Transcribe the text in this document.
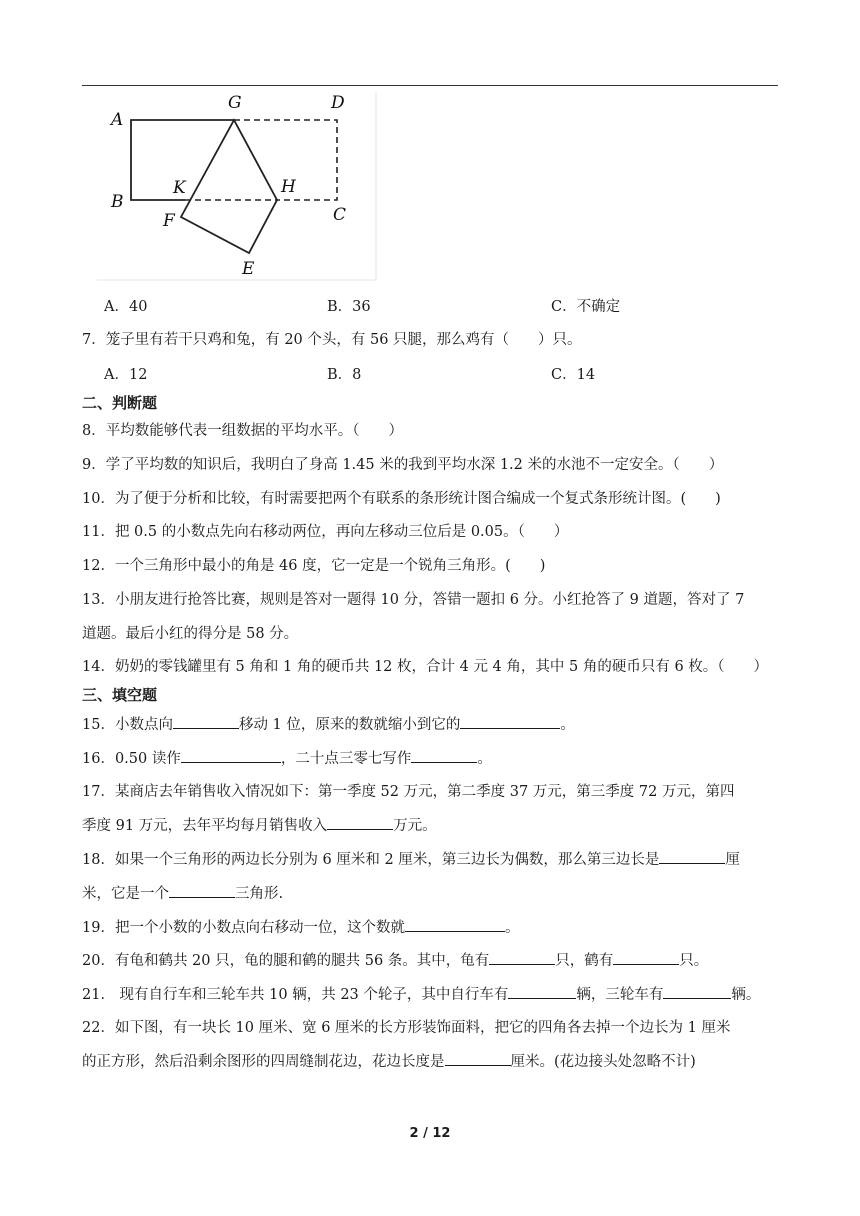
A
B
G	D
K	H
C
F
E
A．40	B．36	C．不确定
7．笼子里有若干只鸡和兔，有 20 个头，有 56 只腿，那么鸡有（　　）只。
A．12	B．8	C．14
二、判断题
8．平均数能够代表一组数据的平均水平。（　　）
9．学了平均数的知识后，我明白了身高 1.45 米的我到平均水深 1.2 米的水池不一定安全。（　　）
10．为了便于分析和比较，有时需要把两个有联系的条形统计图合编成一个复式条形统计图。(　　)
11．把 0.5 的小数点先向右移动两位，再向左移动三位后是 0.05。（　　）
12．一个三角形中最小的角是 46 度，它一定是一个锐角三角形。(　　)
13．小朋友进行抢答比赛，规则是答对一题得 10 分，答错一题扣 6 分。小红抢答了 9 道题，答对了 7
道题。最后小红的得分是 58 分。
14．奶奶的零钱罐里有 5 角和 1 角的硬币共 12 枚，合计 4 元 4 角，其中 5 角的硬币只有 6 枚。（　　）
三、填空题
15．小数点向	移动 1 位，原来的数就缩小到它的	。
16．0.50 读作	，二十点三零七写作	。
17．某商店去年销售收入情况如下：第一季度 52 万元，第二季度 37 万元，第三季度 72 万元，第四
季度 91 万元，去年平均每月销售收入	万元。
18．如果一个三角形的两边长分别为 6 厘米和 2 厘米，第三边长为偶数，那么第三边长是	厘
米，它是一个	三角形.
19．把一个小数的小数点向右移动一位，这个数就	。
20．有龟和鹤共 20 只，龟的腿和鹤的腿共 56 条。其中，龟有	只，鹤有	只。
21． 现有自行车和三轮车共 10 辆，共 23 个轮子，其中自行车有	辆，三轮车有	辆。
22．如下图，有一块长 10 厘米、宽 6 厘米的长方形装饰面料，把它的四角各去掉一个边长为 1 厘米
的正方形，然后沿剩余图形的四周缝制花边，花边长度是	厘米。(花边接头处忽略不计)
2 / 12
